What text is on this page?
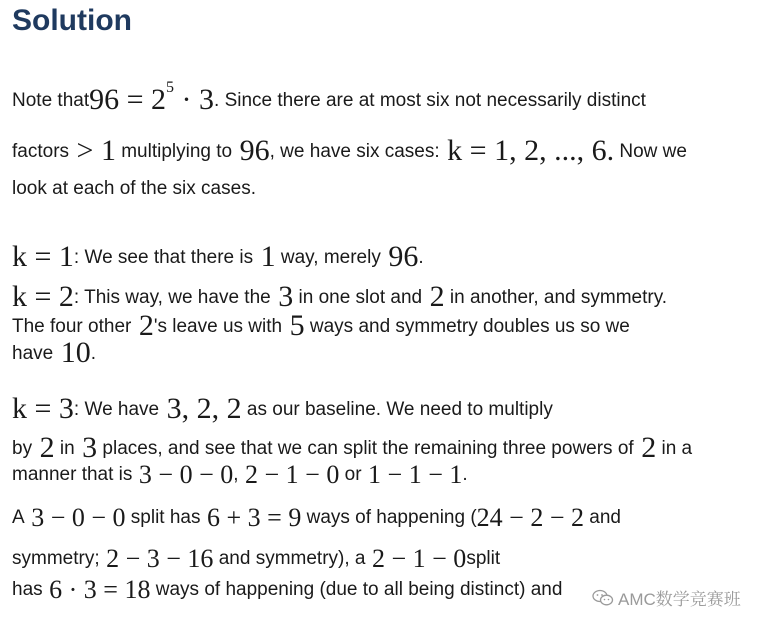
Solution
Note that96 = $2^5 \cdot 3$. Since there are at most six not necessarily distinct
factors > 1 multiplying to 96, we have six cases: k = 1, 2, ..., 6. Now we
look at each of the six cases.
k = 1: We see that there is 1 way, merely 96.
k = 2: This way, we have the 3 in one slot and 2 in another, and symmetry.
The four other 2's leave us with 5 ways and symmetry doubles us so we
have 10.
k = 3: We have 3, 2, 2 as our baseline. We need to multiply
by 2 in 3 places, and see that we can split the remaining three powers of 2 in a
manner that is 3 − 0 − 0, 2 − 1 − 0 or 1 − 1 − 1.
A 3 − 0 − 0 split has 6 + 3 = 9 ways of happening (24 − 2 − 2 and
symmetry; 2 − 3 − 16 and symmetry), a 2 − 1 − 0split
has 6 · 3 = 18 ways of happening (due to all being distinct) and	AMC数学竞赛班
